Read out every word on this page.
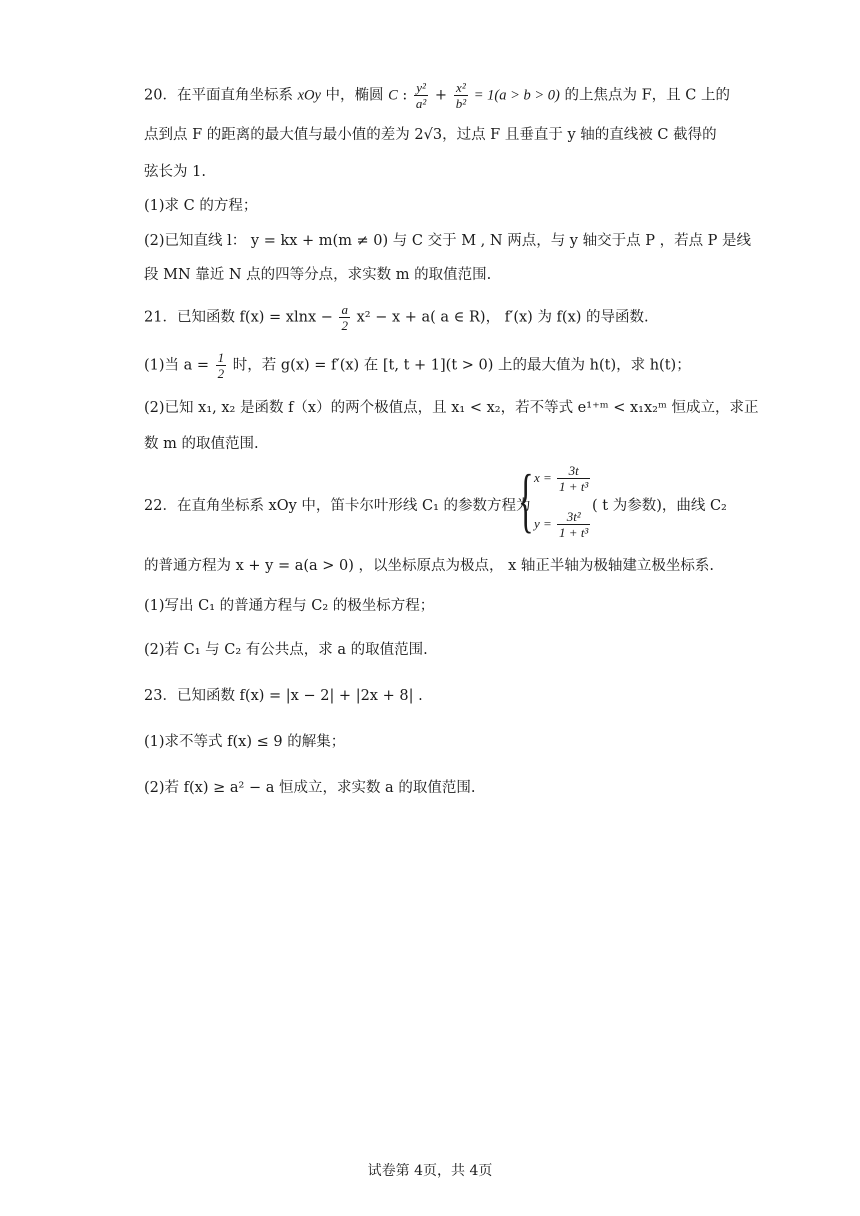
20．在平面直角坐标系 xOy 中，椭圆 C : $\frac{\text{y²}}{\text{a²}} + \frac{\text{x²}}{\text{b²}} = 1(a > b > 0)$ 的上焦点为 F，且 C 上的
点到点 F 的距离的最大值与最小值的差为 2√3，过点 F 且垂直于 y 轴的直线被 C 截得的
弦长为 1.
(1)求 C 的方程；
(2)已知直线 l： y = kx + m(m ≠ 0) 与 C 交于 M , N 两点，与 y 轴交于点 P ，若点 P 是线
段 MN 靠近 N 点的四等分点，求实数 m 的取值范围.
21．已知函数 $f(x) = xlnx - \frac{a}{2} x^2 - x + a$( a ∈ R)， f′(x) 为 f(x) 的导函数.
(1)当 $a = \frac{1}{2}$ 时，若 g(x) = f′(x) 在 [t, t + 1](t > 0) 上的最大值为 h(t)，求 h(t)；
(2)已知 x₁, x₂ 是函数 f（x）的两个极值点，且 x₁ < x₂，若不等式 e¹⁺ᵐ < x₁x₂ᵐ 恒成立，求正
数 m 的取值范围.
22．在直角坐标系 xOy 中，笛卡尔叶形线 C₁ 的参数方程为
{ $x = \frac{3t}{\text{1 + t³}}$
$y = \frac{\text{3t²}}{\text{1 + t³}}$
( t 为参数)，曲线 C₂
的普通方程为 x + y = a(a > 0) ，以坐标原点为极点， x 轴正半轴为极轴建立极坐标系.
(1)写出 C₁ 的普通方程与 C₂ 的极坐标方程；
(2)若 C₁ 与 C₂ 有公共点，求 a 的取值范围.
23．已知函数 f(x) = |x − 2| + |2x + 8| .
(1)求不等式 f(x) ≤ 9 的解集；
(2)若 f(x) ≥ a² − a 恒成立，求实数 a 的取值范围.
试卷第 4页，共 4页
